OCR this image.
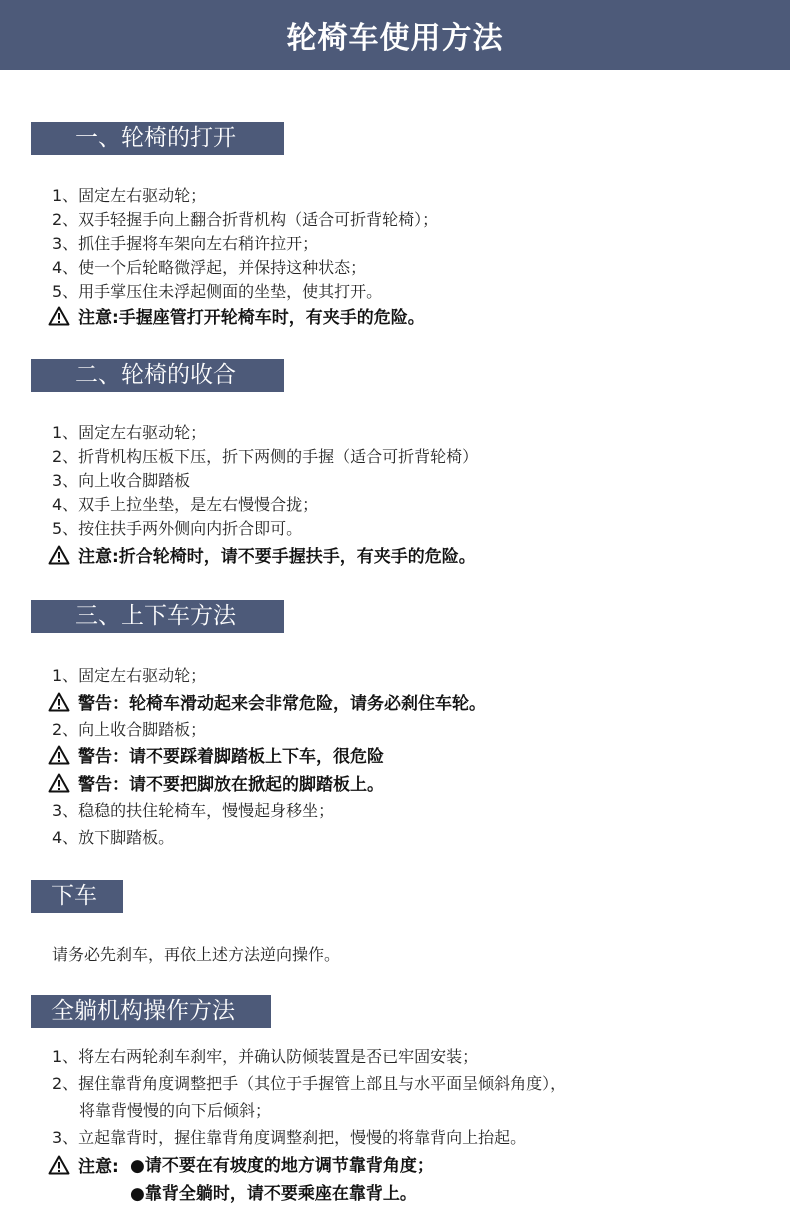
轮椅车使用方法
一、轮椅的打开
1、固定左右驱动轮；
2、双手轻握手向上翻合折背机构（适合可折背轮椅）；
3、抓住手握将车架向左右稍许拉开；
4、使一个后轮略微浮起，并保持这种状态；
5、用手掌压住未浮起侧面的坐垫，使其打开。
注意:手握座管打开轮椅车时，有夹手的危险。
二、轮椅的收合
1、固定左右驱动轮；
2、折背机构压板下压，折下两侧的手握（适合可折背轮椅）
3、向上收合脚踏板
4、双手上拉坐垫，是左右慢慢合拢；
5、按住扶手两外侧向内折合即可。
注意:折合轮椅时，请不要手握扶手，有夹手的危险。
三、上下车方法
1、固定左右驱动轮；
警告：轮椅车滑动起来会非常危险，请务必刹住车轮。
2、向上收合脚踏板；
警告：请不要踩着脚踏板上下车，很危险
警告：请不要把脚放在掀起的脚踏板上。
3、稳稳的扶住轮椅车，慢慢起身移坐；
4、放下脚踏板。
下车
请务必先刹车，再依上述方法逆向操作。
全躺机构操作方法
1、将左右两轮刹车刹牢，并确认防倾装置是否已牢固安装；
2、握住靠背角度调整把手（其位于手握管上部且与水平面呈倾斜角度），
将靠背慢慢的向下后倾斜；
3、立起靠背时，握住靠背角度调整刹把，慢慢的将靠背向上抬起。
注意: ●请不要在有坡度的地方调节靠背角度；
●靠背全躺时，请不要乘座在靠背上。
